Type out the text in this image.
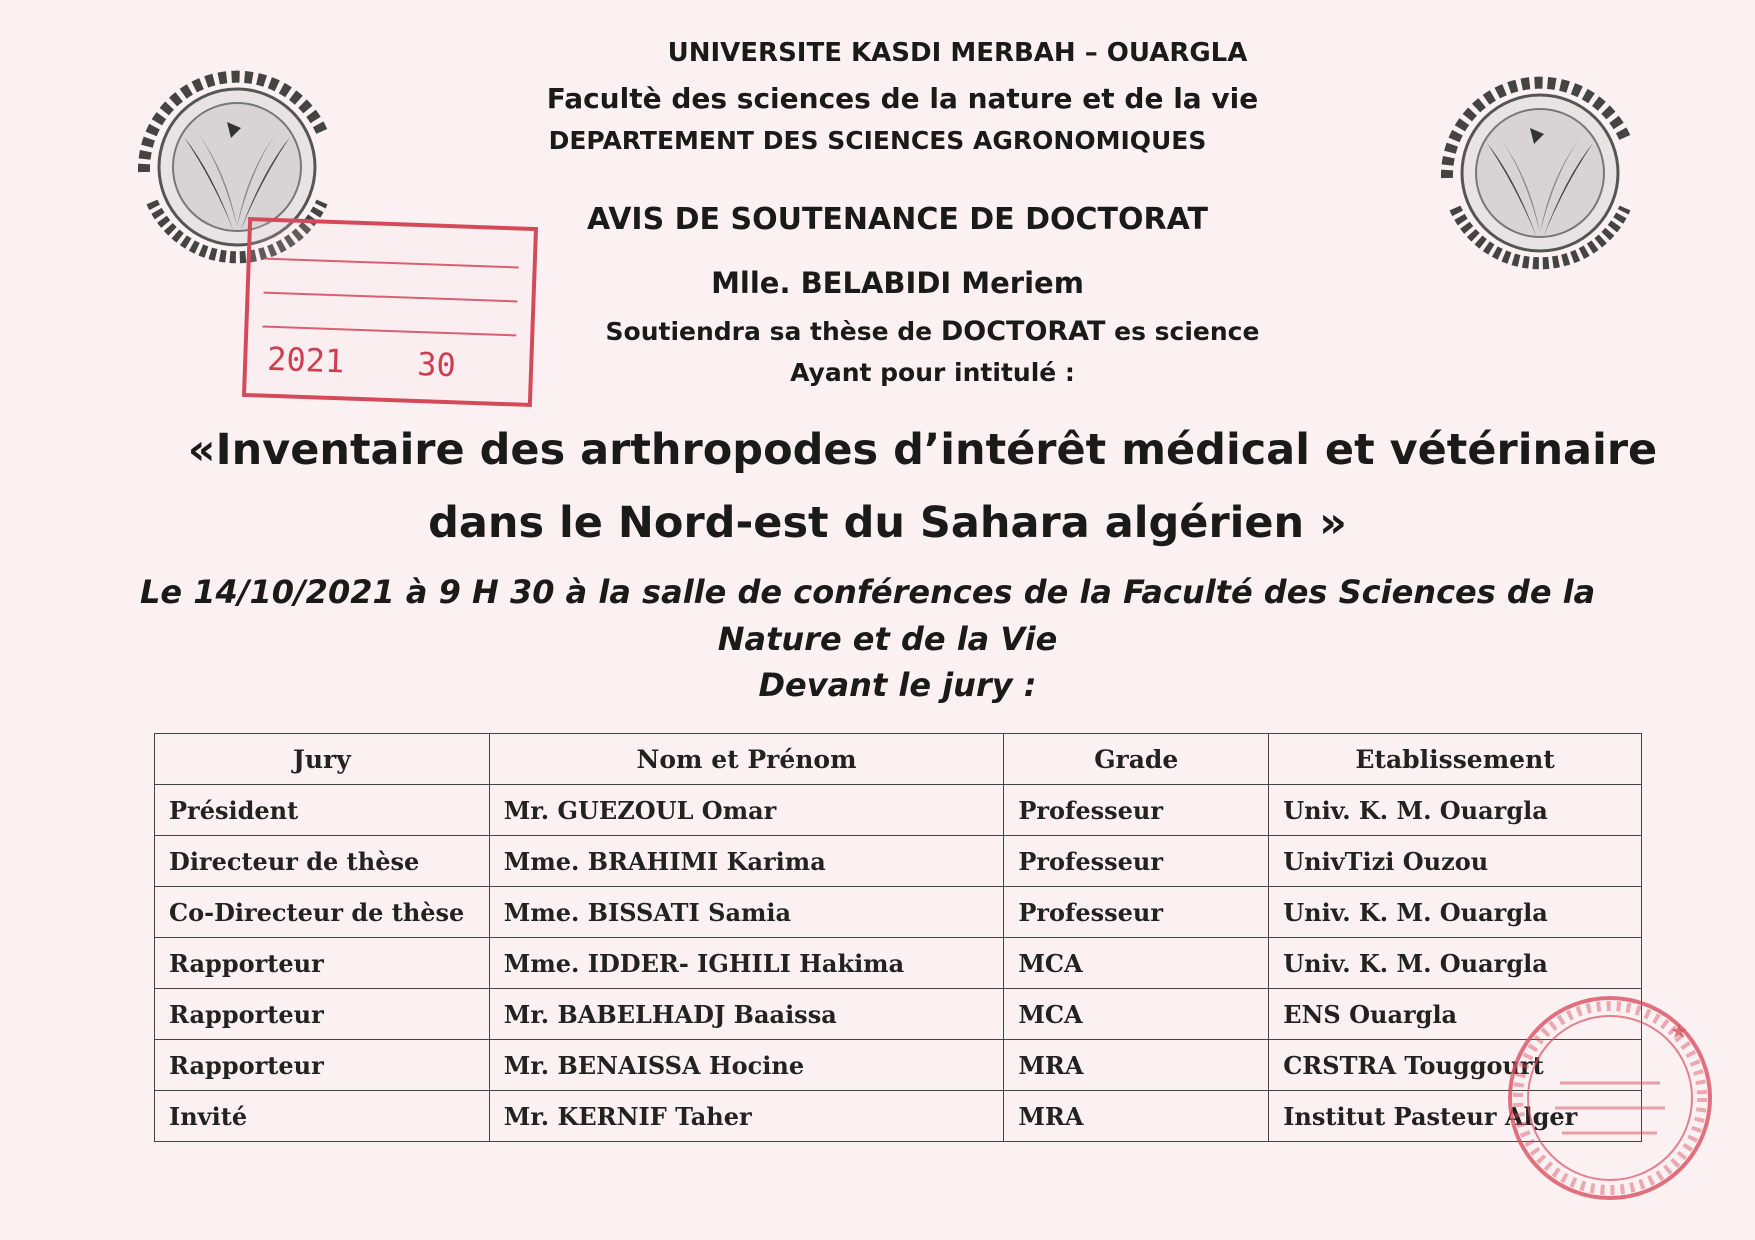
2021 30
UNIVERSITE KASDI MERBAH – OUARGLA
Facultè des sciences de la nature et de la vie
DEPARTEMENT DES SCIENCES AGRONOMIQUES
AVIS DE SOUTENANCE DE DOCTORAT
Mlle. BELABIDI Meriem
Soutiendra sa thèse de DOCTORAT es science
Ayant pour intitulé :
«Inventaire des arthropodes d’intérêt médical et vétérinaire
dans le Nord-est du Sahara algérien »
Le 14/10/2021 à 9 H 30 à la salle de conférences de la Faculté des Sciences de la
Nature et de la Vie
Devant le jury :
Jury	Nom et Prénom	Grade	Etablissement
Président	Mr. GUEZOUL Omar	Professeur	Univ. K. M. Ouargla
Directeur de thèse	Mme. BRAHIMI Karima	Professeur	UnivTizi Ouzou
Co-Directeur de thèse	Mme. BISSATI Samia	Professeur	Univ. K. M. Ouargla
Rapporteur	Mme. IDDER- IGHILI Hakima	MCA	Univ. K. M. Ouargla
Rapporteur	Mr. BABELHADJ Baaissa	MCA	ENS Ouargla
Rapporteur	Mr. BENAISSA Hocine	MRA	CRSTRA Touggourt
Invité	Mr. KERNIF Taher	MRA	Institut Pasteur Alger
★
